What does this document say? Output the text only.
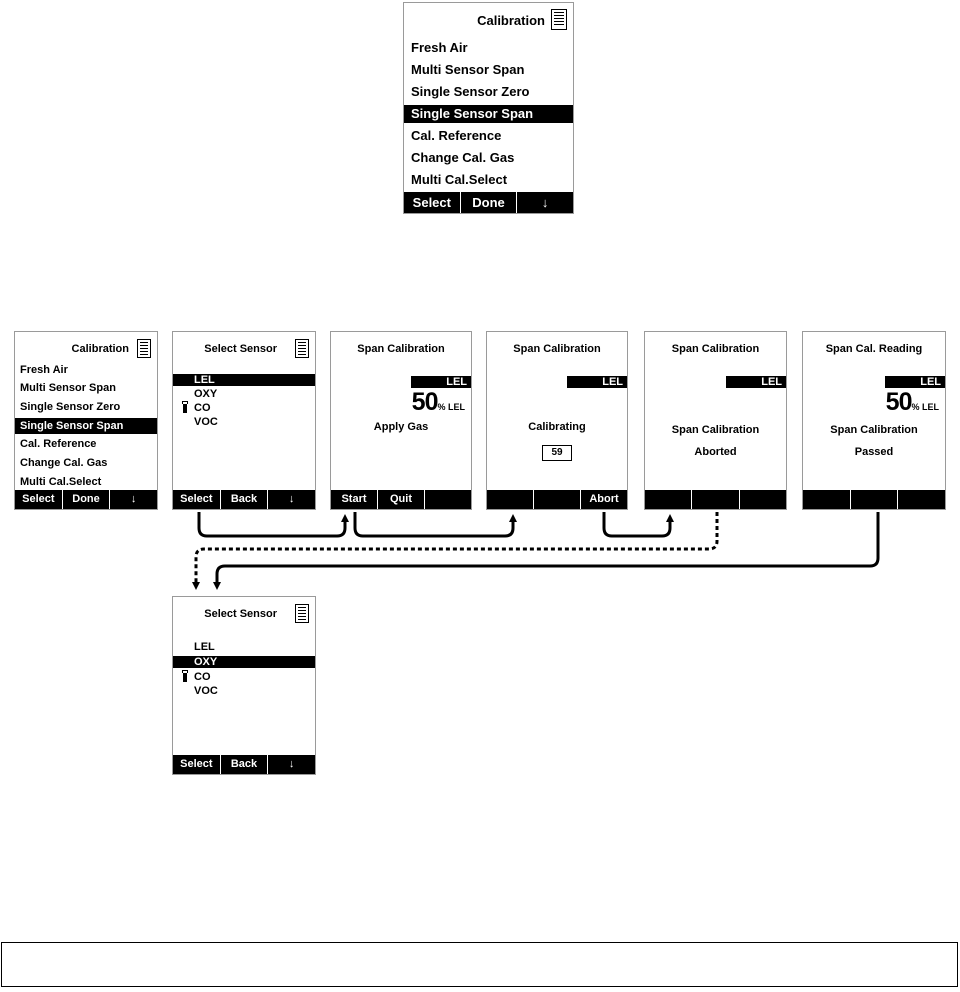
Calibration
Fresh Air
Multi Sensor Span
Single Sensor Zero
Single Sensor Span
Cal. Reference
Change Cal. Gas
Multi Cal.Select
Select	Done	↓
Calibration
Fresh Air
Multi Sensor Span
Single Sensor Zero
Single Sensor Span
Cal. Reference
Change Cal. Gas
Multi Cal.Select
Select	Done	↓
Select Sensor
LEL
OXY
CO
VOC
Select	Back	↓
Span Calibration
LEL
50% LEL
Apply Gas
Start	Quit
Span Calibration
LEL
Calibrating
59
Abort
Span Calibration
LEL
Span Calibration
Aborted
Span Cal. Reading
LEL
50% LEL
Span Calibration
Passed
Select Sensor
LEL
OXY
CO
VOC
Select	Back	↓
